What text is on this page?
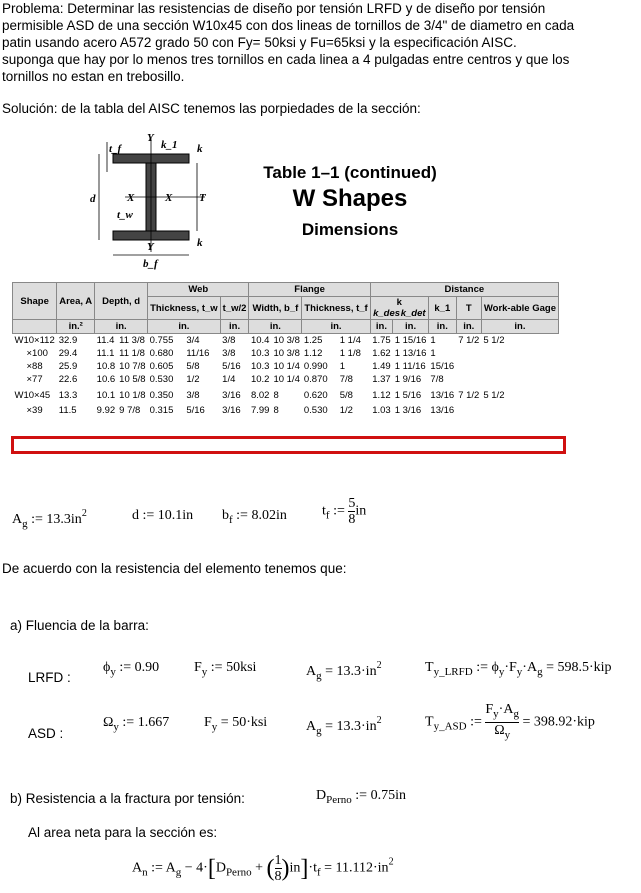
Problema: Determinar las resistencias de diseño por tensión LRFD y de diseño por tensión
permisible ASD de una sección W10x45 con dos lineas de tornillos de 3/4" de diametro en cada
patin usando acero A572 grado 50 con Fy= 50ksi y Fu=65ksi y la especificación AISC.
suponga que hay por lo menos tres tornillos en cada linea a 4 pulgadas entre centros y que los
tornillos no estan en trebosillo.
Solución: de la tabla del AISC tenemos las porpiedades de la sección:
t_f
Y
k_1 k
d	X	X T
t_w
k
Y
b_f
Table 1–1 (continued)
W Shapes
Dimensions
Shape	Area, A	Depth, d		Web			Flange				Distance				
				Thickness, t_w		t_w/2	Width, b_f		Thickness, t_f		k
k_des k_det		k_1	T	Work-able Gage
	in.²	in.		in.		in.	in.		in.		in.	in.	in.	in.	in.
W10×112	32.9	11.4	11 3/8	0.755	3/4	3/8	10.4	10 3/8	1.25	1 1/4	1.75	1 15/16	1	7 1/2	5 1/2
×100	29.4	11.1	11 1/8	0.680	11/16	3/8	10.3	10 3/8	1.12	1 1/8	1.62	1 13/16	1		
×88	25.9	10.8	10 7/8	0.605	5/8	5/16	10.3	10 1/4	0.990	1	1.49	1 11/16	15/16		
×77	22.6	10.6	10 5/8	0.530	1/2	1/4	10.2	10 1/4	0.870	7/8	1.37	1 9/16	7/8		
W10×45	13.3	10.1	10 1/8	0.350	3/8	3/16	8.02	8	0.620	5/8	1.12	1 5/16	13/16	7 1/2	5 1/2
×39	11.5	9.92	9 7/8	0.315	5/16	3/16	7.99	8	0.530	1/2	1.03	1 3/16	13/16		
$A_g$ := $13.3in^2$	d := 10.1in $b_f$ := 8.02in	$t_f$ := $\frac{5}{8}$ in
De acuerdo con la resistencia del elemento tenemos que:
a) Fluencia de la barra:
LRFD :
$\phi_y$ := 0.90 $F_y$ := 50ksi	$A_g = 13.3\cdot in^2$	$T_{y\_LRFD}$ := $\phi_y\cdot F_y\cdot A_g = 598.5\cdot kip$
ASD :
$\Omega_y$ := 1.667 $F_y = 50\cdot ksi$	$A_g = 13.3\cdot in^2$	$T_{y\_ASD}$ := $\frac{F_y\cdot A_g}{\Omega_y} = 398.92\cdot kip$
b) Resistencia a la fractura por tensión:	$D_{Perno}$ := 0.75in
Al area neta para la sección es:
$A_n$ := $A_g - 4\cdot[D_{Perno}$ + ( $\frac{1}{8} )in]\cdot t_f = 11.112\cdot in^2$
